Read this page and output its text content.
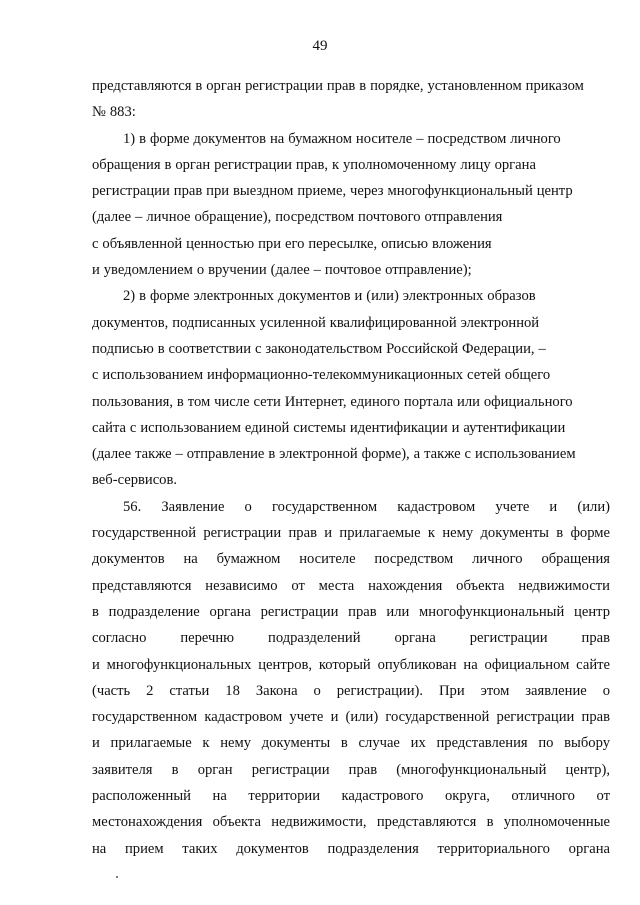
49

представляются в орган регистрации прав в порядке, установленном приказом
№ 883:

1) в форме документов на бумажном носителе – посредством личного
обращения в орган регистрации прав, к уполномоченному лицу органа
регистрации прав при выездном приеме, через многофункциональный центр
(далее – личное обращение), посредством почтового отправления
с объявленной ценностью при его пересылке, описью вложения
и уведомлением о вручении (далее – почтовое отправление);

2) в форме электронных документов и (или) электронных образов
документов, подписанных усиленной квалифицированной электронной
подписью в соответствии с законодательством Российской Федерации, –
с использованием информационно-телекоммуникационных сетей общего
пользования, в том числе сети Интернет, единого портала или официального
сайта с использованием единой системы идентификации и аутентификации
(далее также – отправление в электронной форме), а также с использованием
веб-сервисов.

56. Заявление о государственном кадастровом учете и (или)
государственной регистрации прав и прилагаемые к нему документы в форме
документов на бумажном носителе посредством личного обращения
представляются независимо от места нахождения объекта недвижимости
в подразделение органа регистрации прав или многофункциональный центр
согласно перечню подразделений органа регистрации прав
и многофункциональных центров, который опубликован на официальном сайте
(часть 2 статьи 18 Закона о регистрации). При этом заявление о
государственном кадастровом учете и (или) государственной регистрации прав
и прилагаемые к нему документы в случае их представления по выбору
заявителя в орган регистрации прав (многофункциональный центр),
расположенный на территории кадастрового округа, отличного от
местонахождения объекта недвижимости, представляются в уполномоченные
на прием таких документов подразделения территориального органа
